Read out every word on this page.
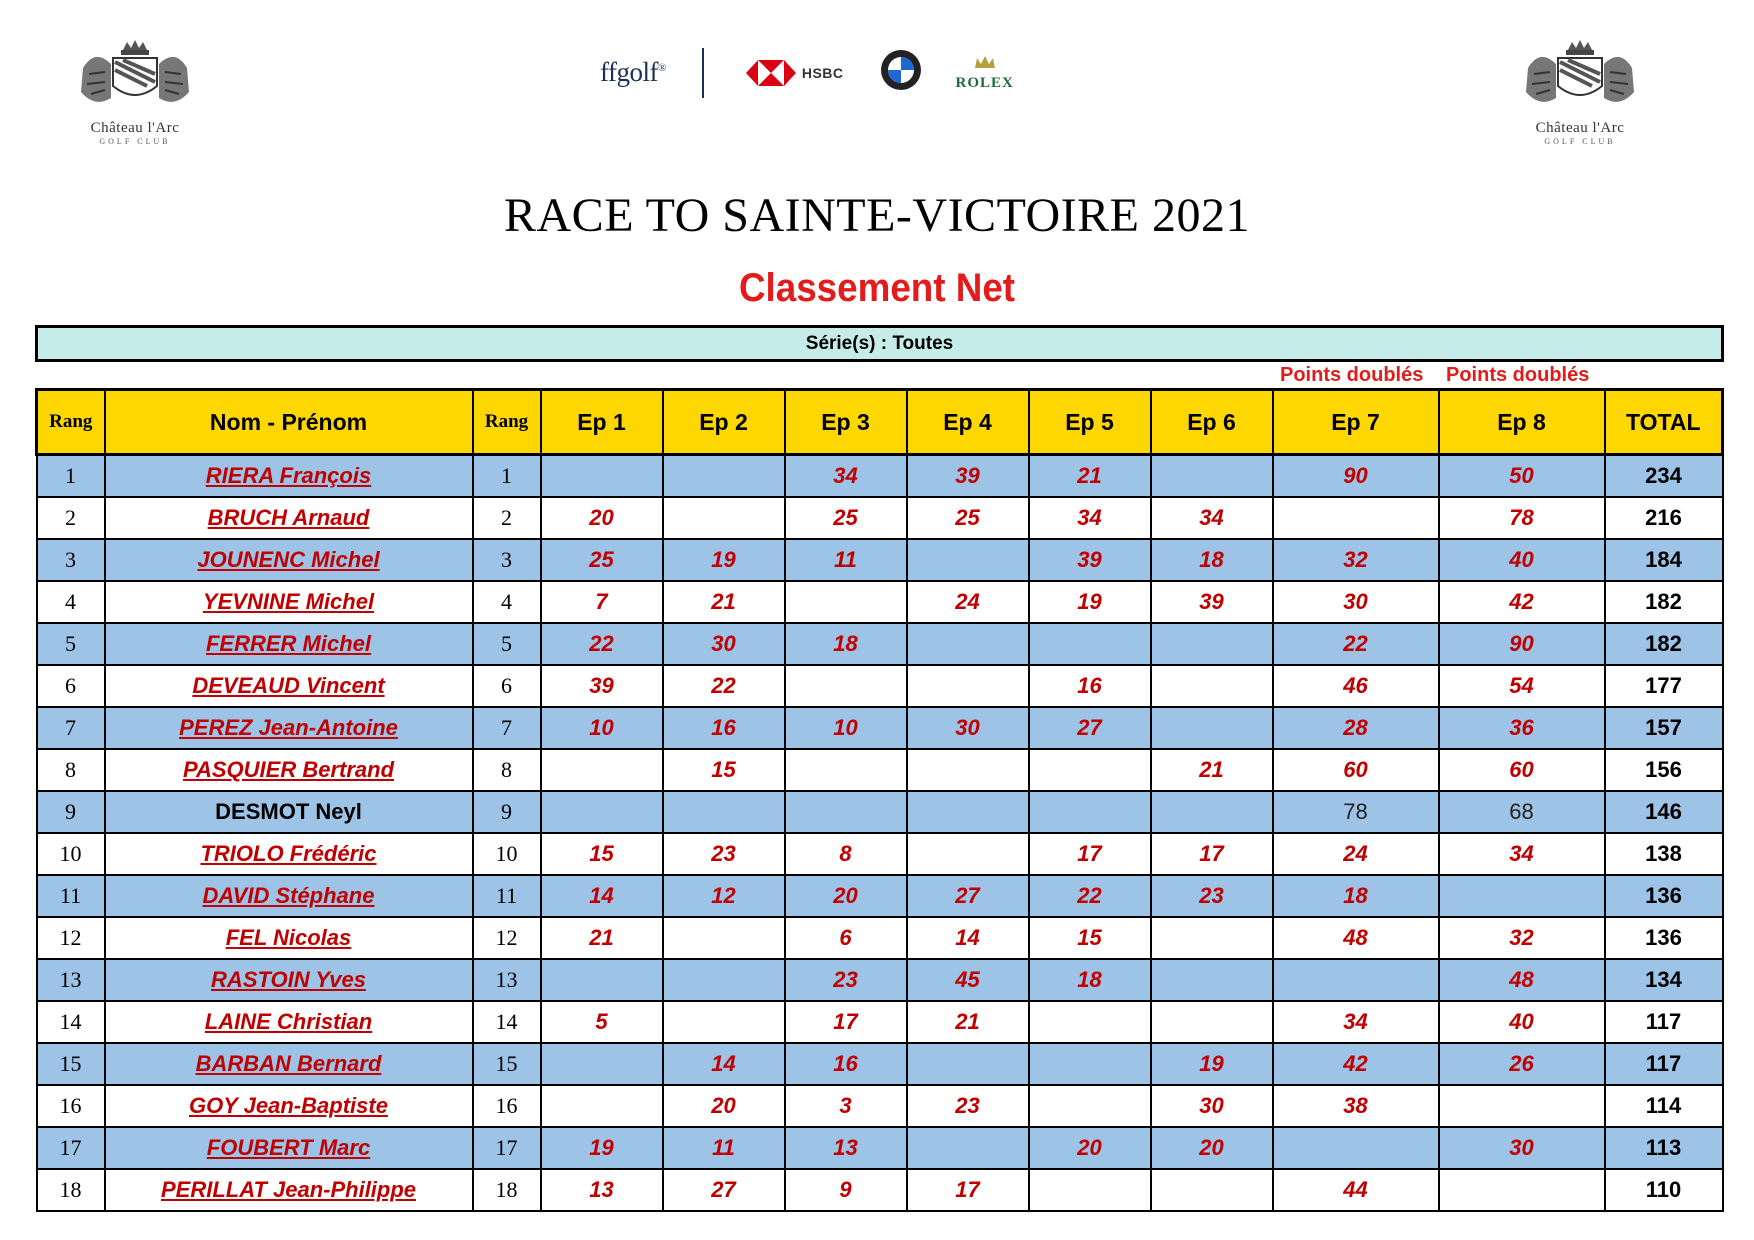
Château l'Arc
GOLF CLUB
Château l'Arc
GOLF CLUB
ffgolf®	HSBC
ROLEX
RACE TO SAINTE-VICTOIRE 2021
Classement Net
Série(s) : Toutes
Points doublés Points doublés
Rang	Nom - Prénom	Rang	Ep 1	Ep 2	Ep 3	Ep 4	Ep 5	Ep 6	Ep 7	Ep 8	TOTAL
1	RIERA François	1			34	39	21		90	50	234
2	BRUCH Arnaud	2	20		25	25	34	34		78	216
3	JOUNENC Michel	3	25	19	11		39	18	32	40	184
4	YEVNINE Michel	4	7	21		24	19	39	30	42	182
5	FERRER Michel	5	22	30	18				22	90	182
6	DEVEAUD Vincent	6	39	22			16		46	54	177
7	PEREZ Jean-Antoine	7	10	16	10	30	27		28	36	157
8	PASQUIER Bertrand	8		15				21	60	60	156
9	DESMOT Neyl	9							78	68	146
10	TRIOLO Frédéric	10	15	23	8		17	17	24	34	138
11	DAVID Stéphane	11	14	12	20	27	22	23	18		136
12	FEL Nicolas	12	21		6	14	15		48	32	136
13	RASTOIN Yves	13			23	45	18			48	134
14	LAINE Christian	14	5		17	21			34	40	117
15	BARBAN Bernard	15		14	16			19	42	26	117
16	GOY Jean-Baptiste	16		20	3	23		30	38		114
17	FOUBERT Marc	17	19	11	13		20	20		30	113
18	PERILLAT Jean-Philippe	18	13	27	9	17			44		110
